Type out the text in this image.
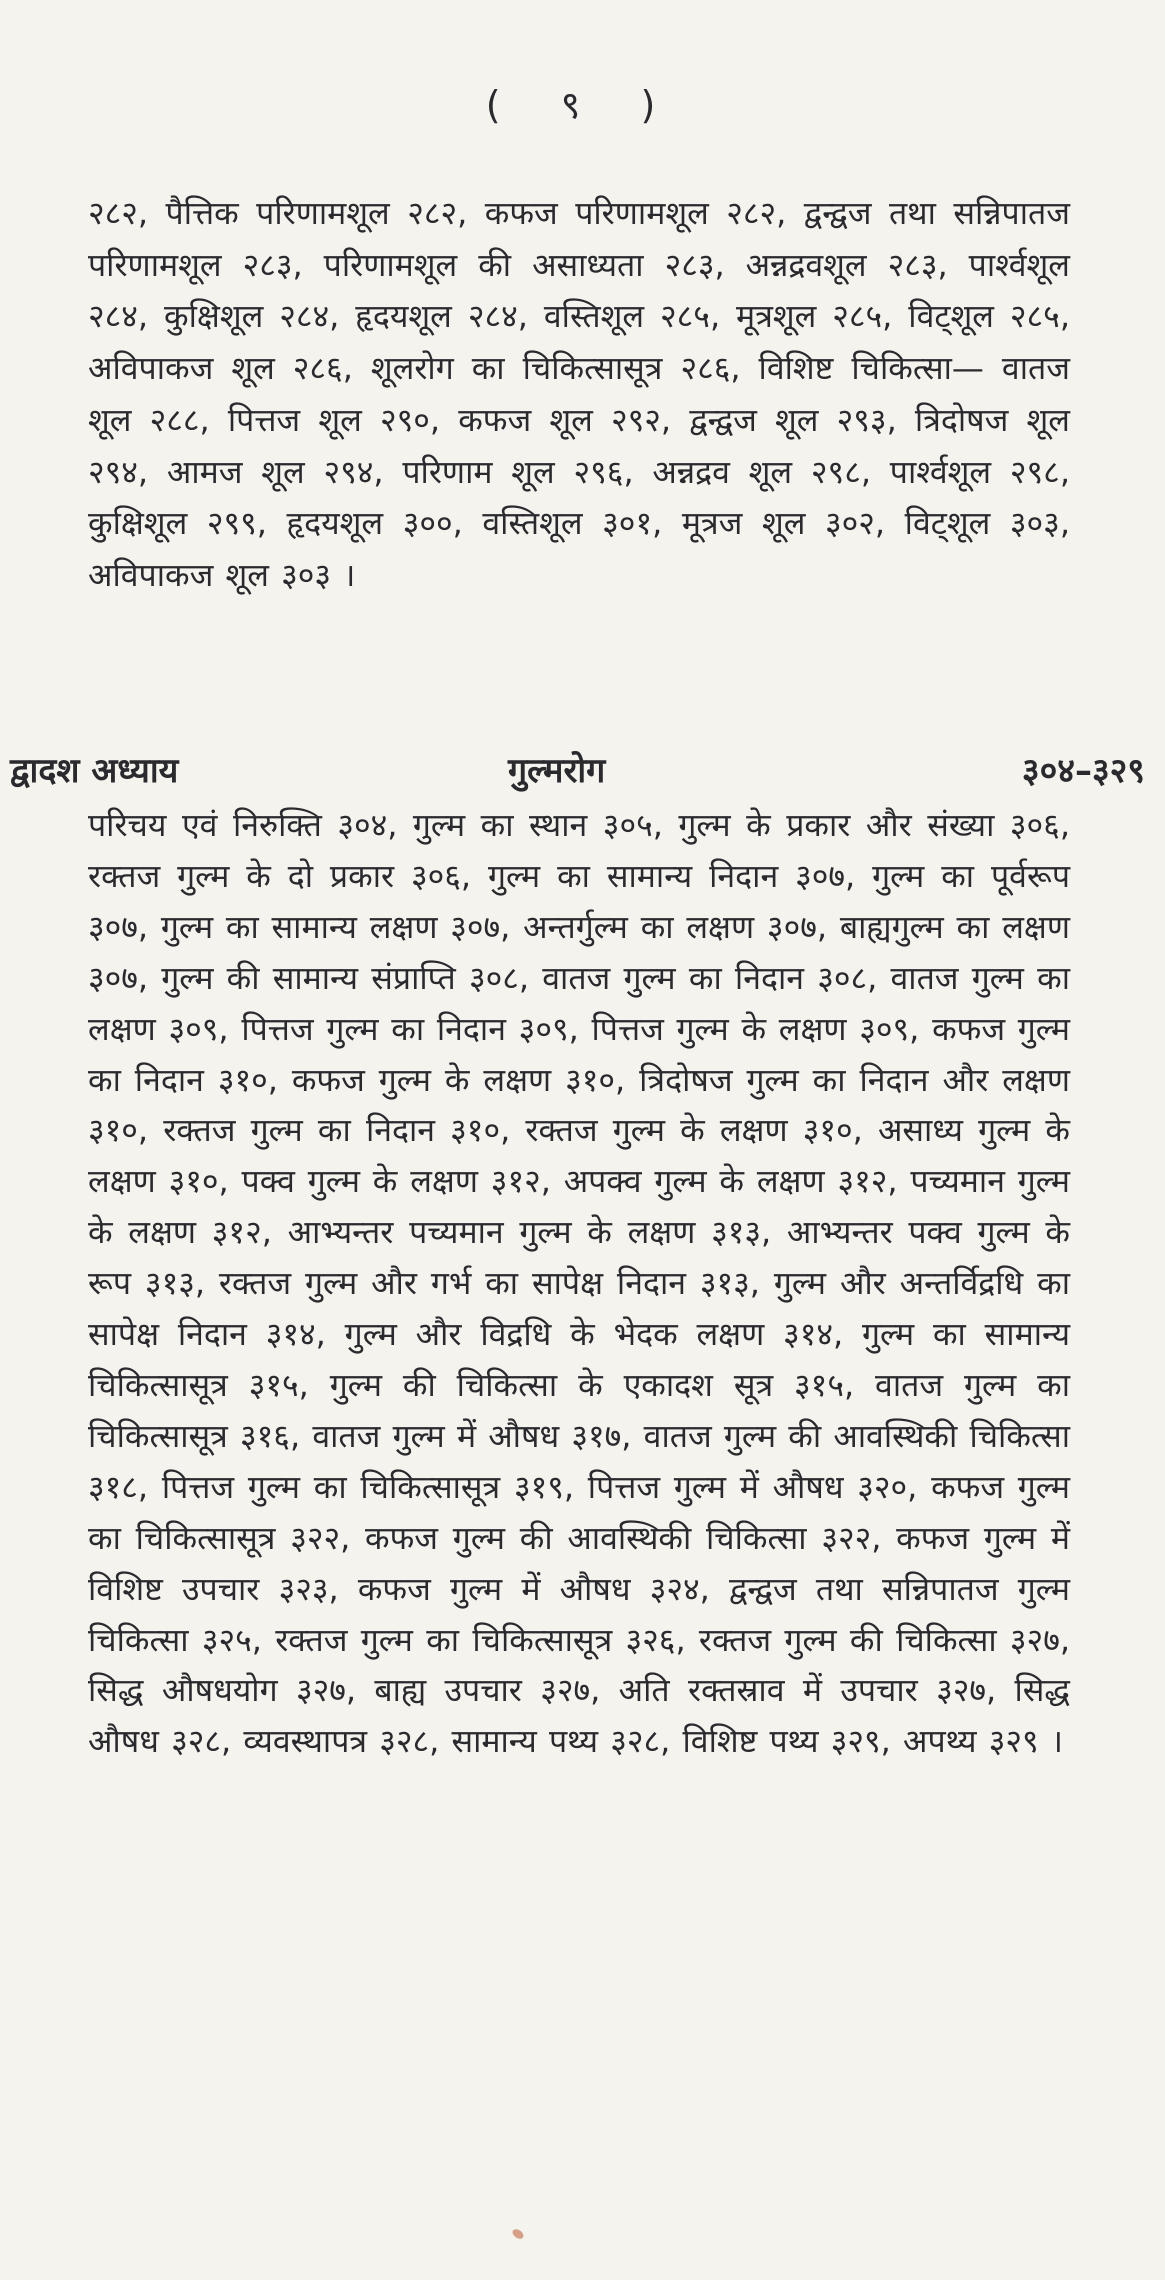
( ९ )

२८२, पैत्तिक परिणामशूल २८२, कफज परिणामशूल २८२, द्वन्द्वज तथा सन्निपातज परिणामशूल २८३, परिणामशूल की असाध्यता २८३, अन्नद्रवशूल २८३, पार्श्वशूल २८४, कुक्षिशूल २८४, हृदयशूल २८४, वस्तिशूल २८५, मूत्रशूल २८५, विट्‌शूल २८५, अविपाकज शूल २८६, शूलरोग का चिकित्सासूत्र २८६, विशिष्ट चिकित्सा— वातज शूल २८८, पित्तज शूल २९०, कफज शूल २९२, द्वन्द्वज शूल २९३, त्रिदोषज शूल २९४, आमज शूल २९४, परिणाम शूल २९६, अन्नद्रव शूल २९८, पार्श्वशूल २९८, कुक्षिशूल २९९, हृदयशूल ३००, वस्तिशूल ३०१, मूत्रज शूल ३०२, विट्‌शूल ३०३, अविपाकज शूल ३०३ ।

द्वादश अध्याय	गुल्मरोग	३०४–३२९

परिचय एवं निरुक्ति ३०४, गुल्म का स्थान ३०५, गुल्म के प्रकार और संख्या ३०६, रक्तज गुल्म के दो प्रकार ३०६, गुल्म का सामान्य निदान ३०७, गुल्म का पूर्वरूप ३०७, गुल्म का सामान्य लक्षण ३०७, अन्तर्गुल्म का लक्षण ३०७, बाह्यगुल्म का लक्षण ३०७, गुल्म की सामान्य संप्राप्ति ३०८, वातज गुल्म का निदान ३०८, वातज गुल्म का लक्षण ३०९, पित्तज गुल्म का निदान ३०९, पित्तज गुल्म के लक्षण ३०९, कफज गुल्म का निदान ३१०, कफज गुल्म के लक्षण ३१०, त्रिदोषज गुल्म का निदान और लक्षण ३१०, रक्तज गुल्म का निदान ३१०, रक्तज गुल्म के लक्षण ३१०, असाध्य गुल्म के लक्षण ३१०, पक्व गुल्म के लक्षण ३१२, अपक्व गुल्म के लक्षण ३१२, पच्यमान गुल्म के लक्षण ३१२, आभ्यन्तर पच्यमान गुल्म के लक्षण ३१३, आभ्यन्तर पक्व गुल्म के रूप ३१३, रक्तज गुल्म और गर्भ का सापेक्ष निदान ३१३, गुल्म और अन्तर्विद्रधि का सापेक्ष निदान ३१४, गुल्म और विद्रधि के भेदक लक्षण ३१४, गुल्म का सामान्य चिकित्सासूत्र ३१५, गुल्म की चिकित्सा के एकादश सूत्र ३१५, वातज गुल्म का चिकित्सासूत्र ३१६, वातज गुल्म में औषध ३१७, वातज गुल्म की आवस्थिकी चिकित्सा ३१८, पित्तज गुल्म का चिकित्सासूत्र ३१९, पित्तज गुल्म में औषध ३२०, कफज गुल्म का चिकित्सासूत्र ३२२, कफज गुल्म की आवस्थिकी चिकित्सा ३२२, कफज गुल्म में विशिष्ट उपचार ३२३, कफज गुल्म में औषध ३२४, द्वन्द्वज तथा सन्निपातज गुल्म चिकित्सा ३२५, रक्तज गुल्म का चिकित्सासूत्र ३२६, रक्तज गुल्म की चिकित्सा ३२७, सिद्ध औषधयोग ३२७, बाह्य उपचार ३२७, अति रक्तस्राव में उपचार ३२७, सिद्ध औषध ३२८, व्यवस्थापत्र ३२८, सामान्य पथ्य ३२८, विशिष्ट पथ्य ३२९, अपथ्य ३२९ ।
